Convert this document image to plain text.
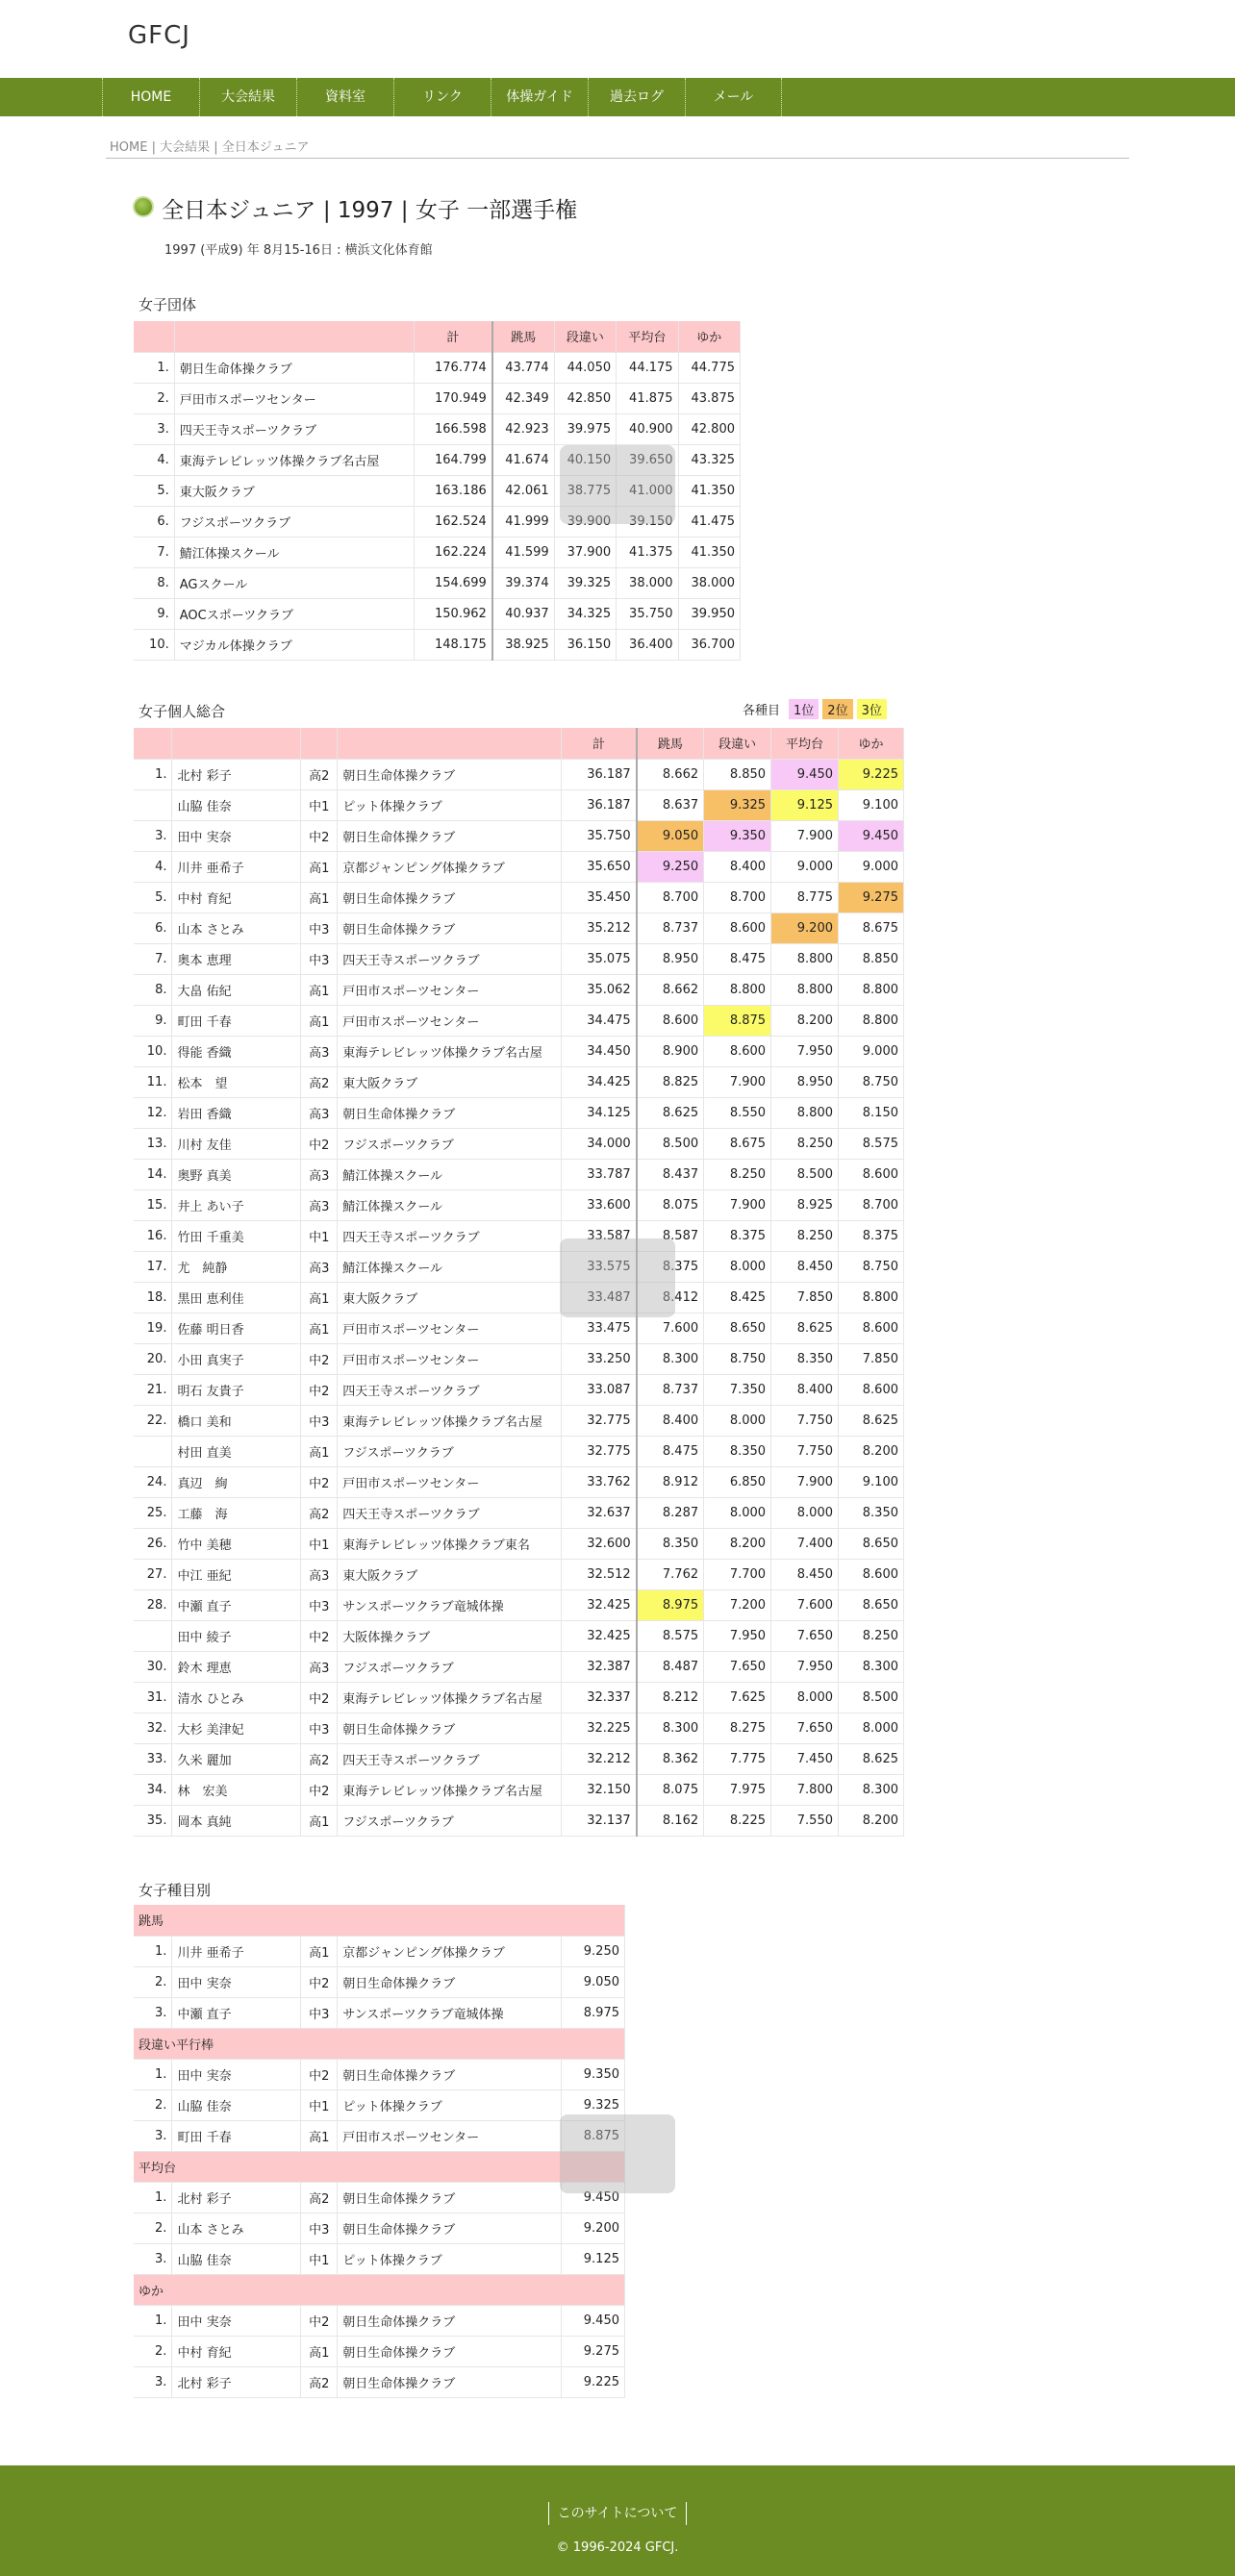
GFCJ
HOME	大会結果	資料室	リンク	体操ガイド	過去ログ	メール
HOME | 大会結果 | 全日本ジュニア
全日本ジュニア | 1997 | 女子 一部選手権
1997 (平成9) 年 8月15-16日 : 横浜文化体育館
女子団体
		計	跳馬	段違い	平均台	ゆか
1.	朝日生命体操クラブ	176.774	43.774	44.050	44.175	44.775
2.	戸田市スポーツセンター	170.949	42.349	42.850	41.875	43.875
3.	四天王寺スポーツクラブ	166.598	42.923	39.975	40.900	42.800
4.	東海テレビレッツ体操クラブ名古屋	164.799	41.674	40.150	39.650	43.325
5.	東大阪クラブ	163.186	42.061	38.775	41.000	41.350
6.	フジスポーツクラブ	162.524	41.999	39.900	39.150	41.475
7.	鯖江体操スクール	162.224	41.599	37.900	41.375	41.350
8.	AGスクール	154.699	39.374	39.325	38.000	38.000
9.	AOCスポーツクラブ	150.962	40.937	34.325	35.750	39.950
10.	マジカル体操クラブ	148.175	38.925	36.150	36.400	36.700
女子個人総合	各種目 1位 2位 3位
				計	跳馬	段違い	平均台	ゆか
1.	北村 彩子	高2	朝日生命体操クラブ	36.187	8.662	8.850	9.450	9.225
	山脇 佳奈	中1	ピット体操クラブ	36.187	8.637	9.325	9.125	9.100
3.	田中 実奈	中2	朝日生命体操クラブ	35.750	9.050	9.350	7.900	9.450
4.	川井 亜希子	高1	京都ジャンピング体操クラブ	35.650	9.250	8.400	9.000	9.000
5.	中村 育紀	高1	朝日生命体操クラブ	35.450	8.700	8.700	8.775	9.275
6.	山本 さとみ	中3	朝日生命体操クラブ	35.212	8.737	8.600	9.200	8.675
7.	奥本 恵理	中3	四天王寺スポーツクラブ	35.075	8.950	8.475	8.800	8.850
8.	大畠 佑紀	高1	戸田市スポーツセンター	35.062	8.662	8.800	8.800	8.800
9.	町田 千春	高1	戸田市スポーツセンター	34.475	8.600	8.875	8.200	8.800
10.	得能 香織	高3	東海テレビレッツ体操クラブ名古屋	34.450	8.900	8.600	7.950	9.000
11.	松本　望	高2	東大阪クラブ	34.425	8.825	7.900	8.950	8.750
12.	岩田 香織	高3	朝日生命体操クラブ	34.125	8.625	8.550	8.800	8.150
13.	川村 友佳	中2	フジスポーツクラブ	34.000	8.500	8.675	8.250	8.575
14.	奥野 真美	高3	鯖江体操スクール	33.787	8.437	8.250	8.500	8.600
15.	井上 あい子	高3	鯖江体操スクール	33.600	8.075	7.900	8.925	8.700
16.	竹田 千重美	中1	四天王寺スポーツクラブ	33.587	8.587	8.375	8.250	8.375
17.	尤　純静	高3	鯖江体操スクール	33.575	8.375	8.000	8.450	8.750
18.	黒田 恵利佳	高1	東大阪クラブ	33.487	8.412	8.425	7.850	8.800
19.	佐藤 明日香	高1	戸田市スポーツセンター	33.475	7.600	8.650	8.625	8.600
20.	小田 真実子	中2	戸田市スポーツセンター	33.250	8.300	8.750	8.350	7.850
21.	明石 友貴子	中2	四天王寺スポーツクラブ	33.087	8.737	7.350	8.400	8.600
22.	橋口 美和	中3	東海テレビレッツ体操クラブ名古屋	32.775	8.400	8.000	7.750	8.625
	村田 直美	高1	フジスポーツクラブ	32.775	8.475	8.350	7.750	8.200
24.	真辺　絢	中2	戸田市スポーツセンター	33.762	8.912	6.850	7.900	9.100
25.	工藤　海	高2	四天王寺スポーツクラブ	32.637	8.287	8.000	8.000	8.350
26.	竹中 美穂	中1	東海テレビレッツ体操クラブ東名	32.600	8.350	8.200	7.400	8.650
27.	中江 亜紀	高3	東大阪クラブ	32.512	7.762	7.700	8.450	8.600
28.	中瀬 直子	中3	サンスポーツクラブ竜城体操	32.425	8.975	7.200	7.600	8.650
	田中 綾子	中2	大阪体操クラブ	32.425	8.575	7.950	7.650	8.250
30.	鈴木 理恵	高3	フジスポーツクラブ	32.387	8.487	7.650	7.950	8.300
31.	清水 ひとみ	中2	東海テレビレッツ体操クラブ名古屋	32.337	8.212	7.625	8.000	8.500
32.	大杉 美津妃	中3	朝日生命体操クラブ	32.225	8.300	8.275	7.650	8.000
33.	久米 麗加	高2	四天王寺スポーツクラブ	32.212	8.362	7.775	7.450	8.625
34.	林　宏美	中2	東海テレビレッツ体操クラブ名古屋	32.150	8.075	7.975	7.800	8.300
35.	岡本 真純	高1	フジスポーツクラブ	32.137	8.162	8.225	7.550	8.200
女子種目別
跳馬				
1.	川井 亜希子	高1	京都ジャンピング体操クラブ	9.250
2.	田中 実奈	中2	朝日生命体操クラブ	9.050
3.	中瀬 直子	中3	サンスポーツクラブ竜城体操	8.975
段違い平行棒				
1.	田中 実奈	中2	朝日生命体操クラブ	9.350
2.	山脇 佳奈	中1	ピット体操クラブ	9.325
3.	町田 千春	高1	戸田市スポーツセンター	8.875
平均台				
1.	北村 彩子	高2	朝日生命体操クラブ	9.450
2.	山本 さとみ	中3	朝日生命体操クラブ	9.200
3.	山脇 佳奈	中1	ピット体操クラブ	9.125
ゆか				
1.	田中 実奈	中2	朝日生命体操クラブ	9.450
2.	中村 育紀	高1	朝日生命体操クラブ	9.275
3.	北村 彩子	高2	朝日生命体操クラブ	9.225
このサイトについて
© 1996-2024 GFCJ.
